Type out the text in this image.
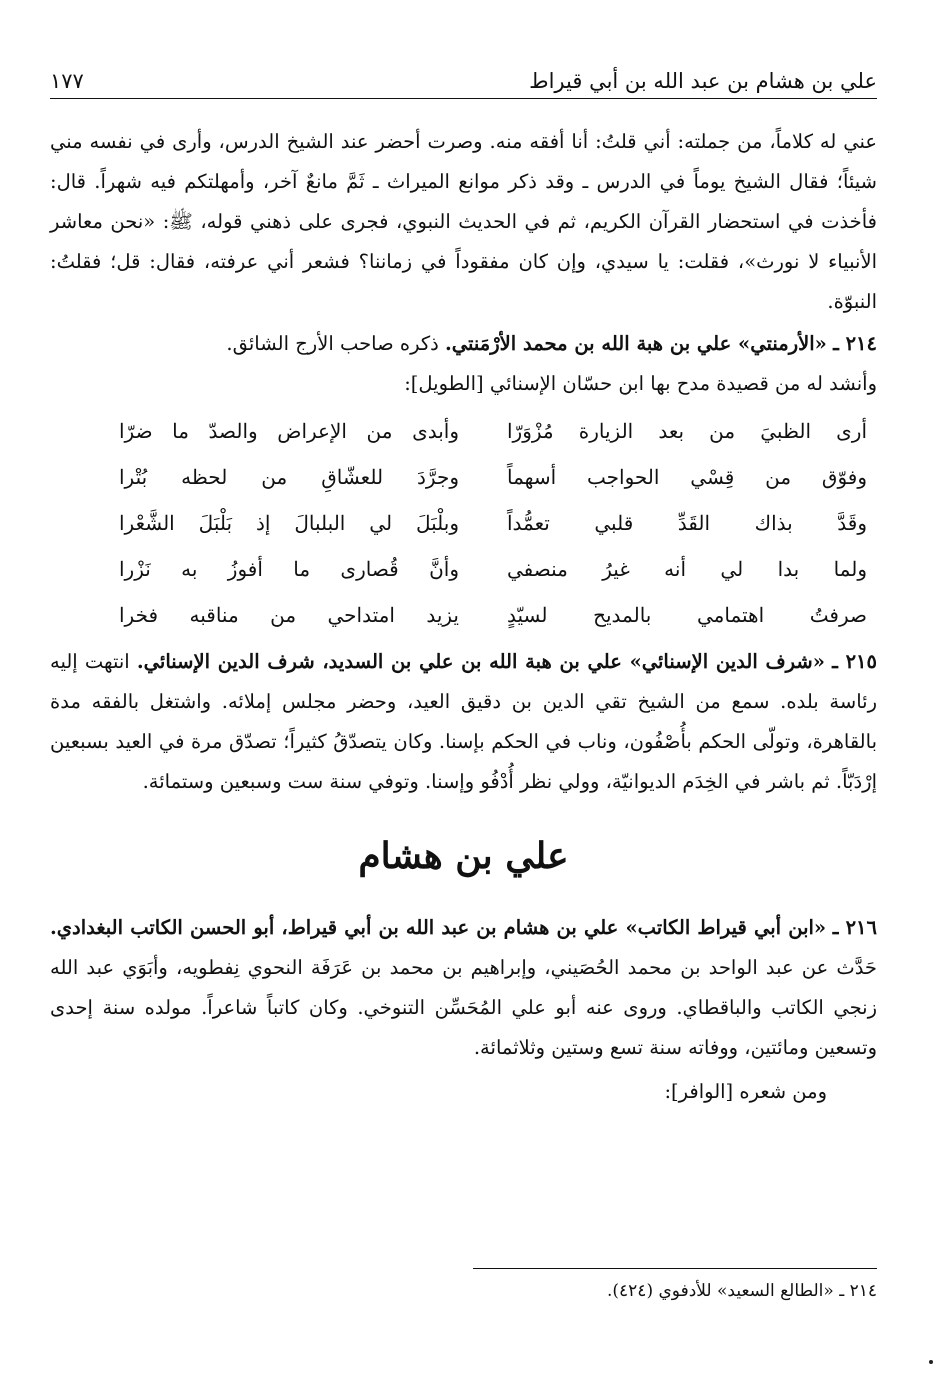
علي بن هشام بن عبد الله بن أبي قيراط
١٧٧
عني له كلاماً، من جملته: أني قلتُ: أنا أفقه منه. وصرت أحضر عند الشيخ الدرس، وأرى في نفسه مني شيئاً؛ فقال الشيخ يوماً في الدرس ـ وقد ذكر موانع الميراث ـ ثَمَّ مانعٌ آخر، وأمهلتكم فيه شهراً. قال: فأخذت في استحضار القرآن الكريم، ثم في الحديث النبوي، فجرى على ذهني قوله، ﷺ: «نحن معاشر الأنبياء لا نورث»، فقلت: يا سيدي، وإن كان مفقوداً في زماننا؟ فشعر أني عرفته، فقال: قل؛ فقلتُ: النبوّة.
٢١٤ ـ «الأرمنتي» علي بن هبة الله بن محمد الأرْمَنتي. ذكره صاحب الأرج الشائق.
وأنشد له من قصيدة مدح بها ابن حسّان الإسنائي [الطويل]:
أرى الظبيَ من بعد الزيارة مُزْوَرّا
وأبدى من الإعراض والصدّ ما ضرّا
وفوّق من قِسْي الحواجب أسهماً
وجرَّدَ للعشّاقِ من لحظه بُتْرا
وقَدَّ بذاك القَدِّ قلبي تعمُّداً
وبلْبَلَ لي البلبالَ إذ بَلْبَلَ الشَّعْرا
ولما بدا لي أنه غيرُ منصفي
وأنَّ قُصارى ما أفوزُ به نَزْرا
صرفتُ اهتمامي بالمديح لسيّدٍ
يزيد امتداحي من مناقبه فخرا
٢١٥ ـ «شرف الدين الإسنائي» علي بن هبة الله بن علي بن السديد، شرف الدين الإسنائي. انتهت إليه رئاسة بلده. سمع من الشيخ تقي الدين بن دقيق العيد، وحضر مجلس إملائه. واشتغل بالفقه مدة بالقاهرة، وتولّى الحكم بأُصْفُون، وناب في الحكم بإسنا. وكان يتصدّقُ كثيراً؛ تصدّق مرة في العيد بسبعين إرْدَبّاً. ثم باشر في الخِدَم الديوانيّة، وولي نظر أُدْفُو وإسنا. وتوفي سنة ست وسبعين وستمائة.
علي بن هشام
٢١٦ ـ «ابن أبي قيراط الكاتب» علي بن هشام بن عبد الله بن أبي قيراط، أبو الحسن الكاتب البغدادي. حَدَّث عن عبد الواحد بن محمد الحُصَيني، وإبراهيم بن محمد بن عَرَفَة النحوي نِفطويه، وأبَوَي عبد الله زنجي الكاتب والباقطاي. وروى عنه أبو علي المُحَسِّن التنوخي. وكان كاتباً شاعراً. مولده سنة إحدى وتسعين ومائتين، ووفاته سنة تسع وستين وثلاثمائة.
ومن شعره [الوافر]:
٢١٤ ـ «الطالع السعيد» للأدفوي (٤٢٤).
